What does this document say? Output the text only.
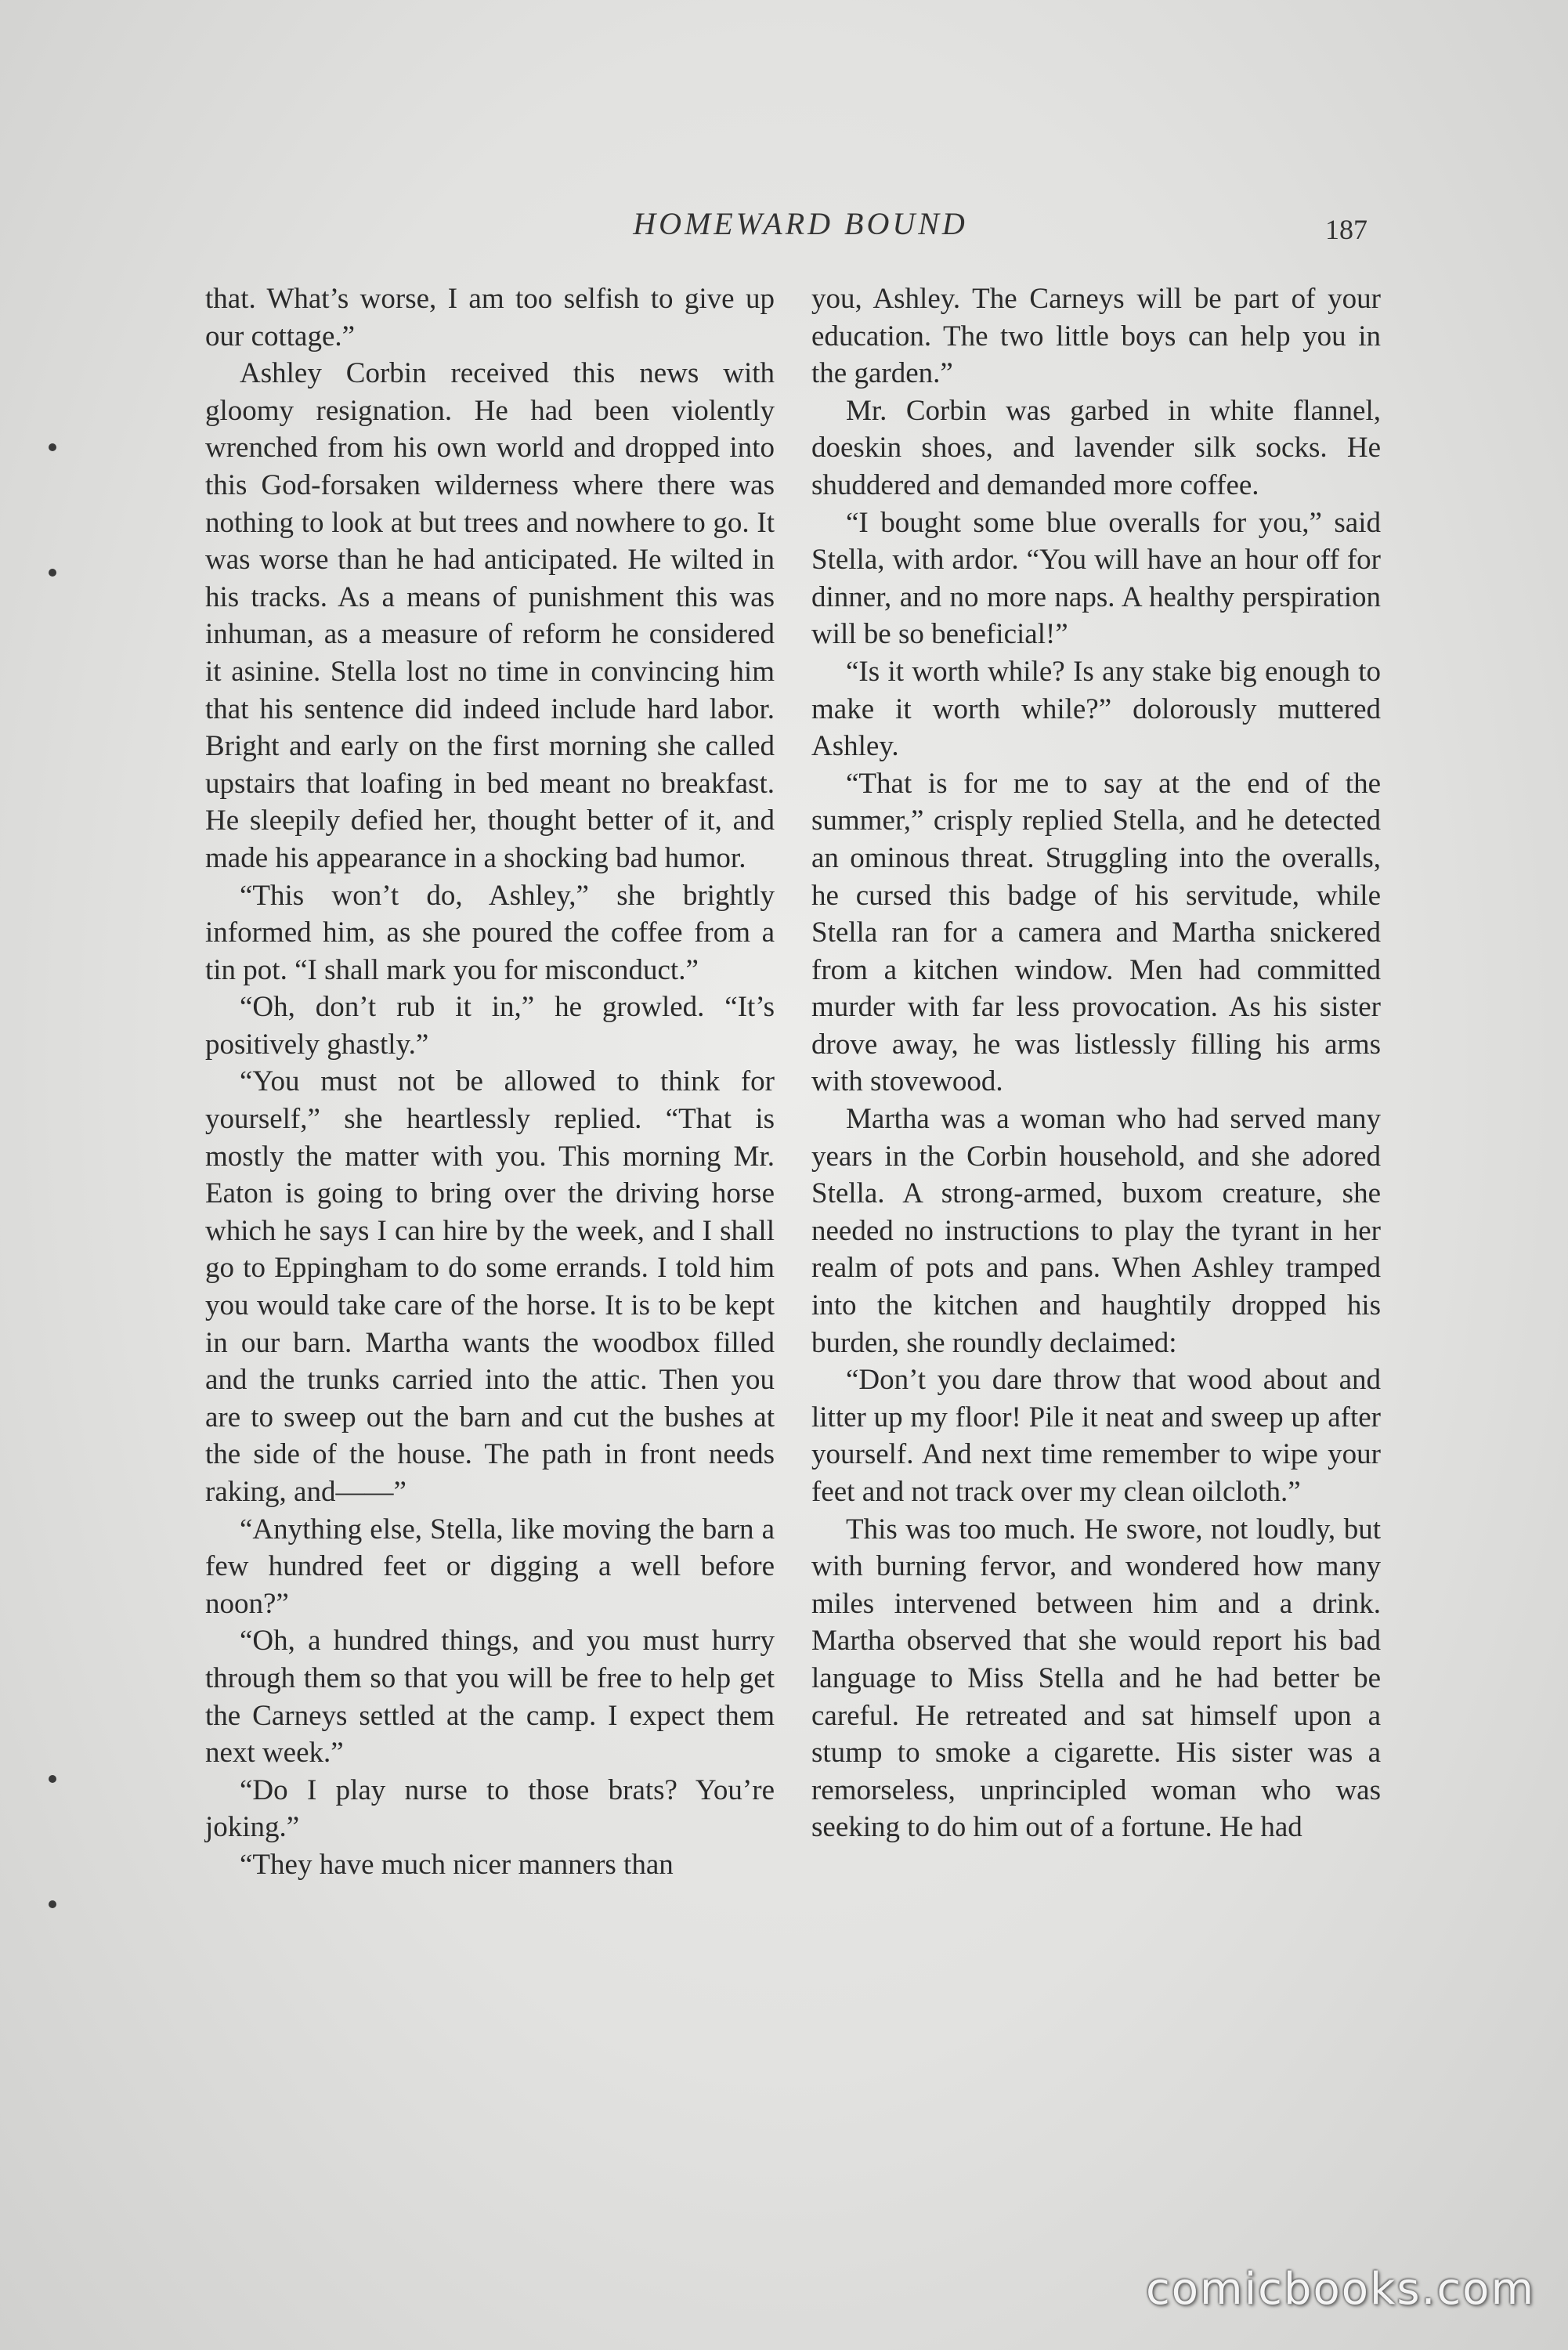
HOMEWARD BOUND	187

that. What’s worse, I am too selfish to give up our cottage.”

Ashley Corbin received this news with gloomy resignation. He had been violently wrenched from his own world and dropped into this God-forsaken wilderness where there was nothing to look at but trees and nowhere to go. It was worse than he had anticipated. He wilted in his tracks. As a means of punishment this was inhuman, as a measure of reform he considered it asinine. Stella lost no time in convincing him that his sentence did indeed include hard labor. Bright and early on the first morning she called upstairs that loafing in bed meant no breakfast. He sleepily defied her, thought better of it, and made his appearance in a shocking bad humor.

“This won’t do, Ashley,” she brightly informed him, as she poured the coffee from a tin pot. “I shall mark you for misconduct.”

“Oh, don’t rub it in,” he growled. “It’s positively ghastly.”

“You must not be allowed to think for yourself,” she heartlessly replied. “That is mostly the matter with you. This morning Mr. Eaton is going to bring over the driving horse which he says I can hire by the week, and I shall go to Eppingham to do some errands. I told him you would take care of the horse. It is to be kept in our barn. Martha wants the woodbox filled and the trunks carried into the attic. Then you are to sweep out the barn and cut the bushes at the side of the house. The path in front needs raking, and——”

“Anything else, Stella, like moving the barn a few hundred feet or digging a well before noon?”

“Oh, a hundred things, and you must hurry through them so that you will be free to help get the Carneys settled at the camp. I expect them next week.”

“Do I play nurse to those brats? You’re joking.”

“They have much nicer manners than

you, Ashley. The Carneys will be part of your education. The two little boys can help you in the garden.”

Mr. Corbin was garbed in white flannel, doeskin shoes, and lavender silk socks. He shuddered and demanded more coffee.

“I bought some blue overalls for you,” said Stella, with ardor. “You will have an hour off for dinner, and no more naps. A healthy perspiration will be so beneficial!”

“Is it worth while? Is any stake big enough to make it worth while?” dolorously muttered Ashley.

“That is for me to say at the end of the summer,” crisply replied Stella, and he detected an ominous threat. Struggling into the overalls, he cursed this badge of his servitude, while Stella ran for a camera and Martha snickered from a kitchen window. Men had committed murder with far less provocation. As his sister drove away, he was listlessly filling his arms with stovewood.

Martha was a woman who had served many years in the Corbin household, and she adored Stella. A strong-armed, buxom creature, she needed no instructions to play the tyrant in her realm of pots and pans. When Ashley tramped into the kitchen and haughtily dropped his burden, she roundly declaimed:

“Don’t you dare throw that wood about and litter up my floor! Pile it neat and sweep up after yourself. And next time remember to wipe your feet and not track over my clean oilcloth.”

This was too much. He swore, not loudly, but with burning fervor, and wondered how many miles intervened between him and a drink. Martha observed that she would report his bad language to Miss Stella and he had better be careful. He retreated and sat himself upon a stump to smoke a cigarette. His sister was a remorseless, unprincipled woman who was seeking to do him out of a fortune. He had

comicbooks.com
